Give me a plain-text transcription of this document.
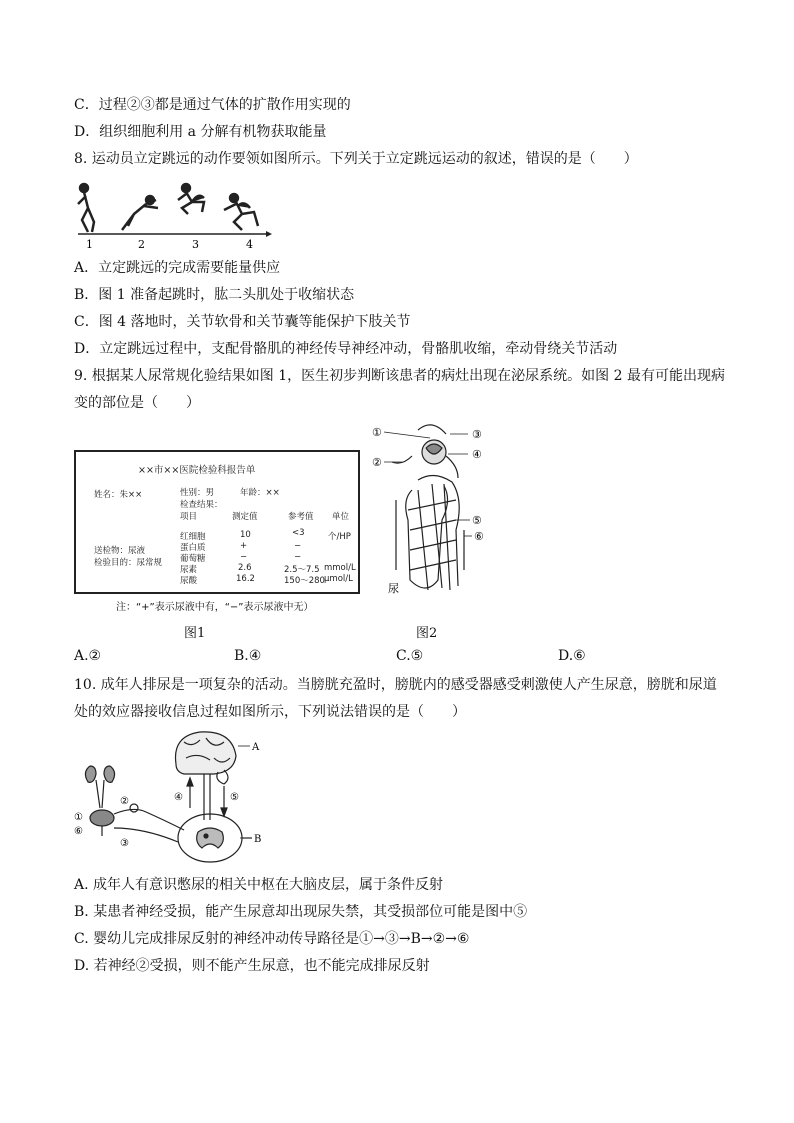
C．过程②③都是通过气体的扩散作用实现的
D．组织细胞利用 a 分解有机物获取能量
8. 运动员立定跳远的动作要领如图所示。下列关于立定跳远运动的叙述，错误的是（　　）
1	2	3	4
A．立定跳远的完成需要能量供应
B．图 1 准备起跳时，肱二头肌处于收缩状态
C．图 4 落地时，关节软骨和关节囊等能保护下肢关节
D．立定跳远过程中，支配骨骼肌的神经传导神经冲动，骨骼肌收缩，牵动骨绕关节活动
9. 根据某人尿常规化验结果如图 1，医生初步判断该患者的病灶出现在泌尿系统。如图 2 最有可能出现病
变的部位是（　　）
××市××医院检验科报告单
姓名：朱××	性别：男	年龄：××
检查结果：
项目	测定值	参考值 单位
红细胞	10	<3	个/HP
蛋白质	+	−
葡萄糖	−	−
尿素	2.6	2.5～7.5 mmol/L
尿酸	16.2	150～280 μmol/L
送检物：尿液
检验目的：尿常规
注：“+”表示尿液中有，“−”表示尿液中无）
图1
①
②
③
④
⑤
⑥
尿
图2
A.②	B.④	C.⑤	D.⑥
10. 成年人排尿是一项复杂的活动。当膀胱充盈时，膀胱内的感受器感受刺激使人产生尿意，膀胱和尿道
处的效应器接收信息过程如图所示，下列说法错误的是（　　）
A
B
①
②
③
④	⑤
⑥
A. 成年人有意识憋尿的相关中枢在大脑皮层，属于条件反射
B. 某患者神经受损，能产生尿意却出现尿失禁，其受损部位可能是图中⑤
C. 婴幼儿完成排尿反射的神经冲动传导路径是①→③→B→②→⑥
D. 若神经②受损，则不能产生尿意，也不能完成排尿反射
